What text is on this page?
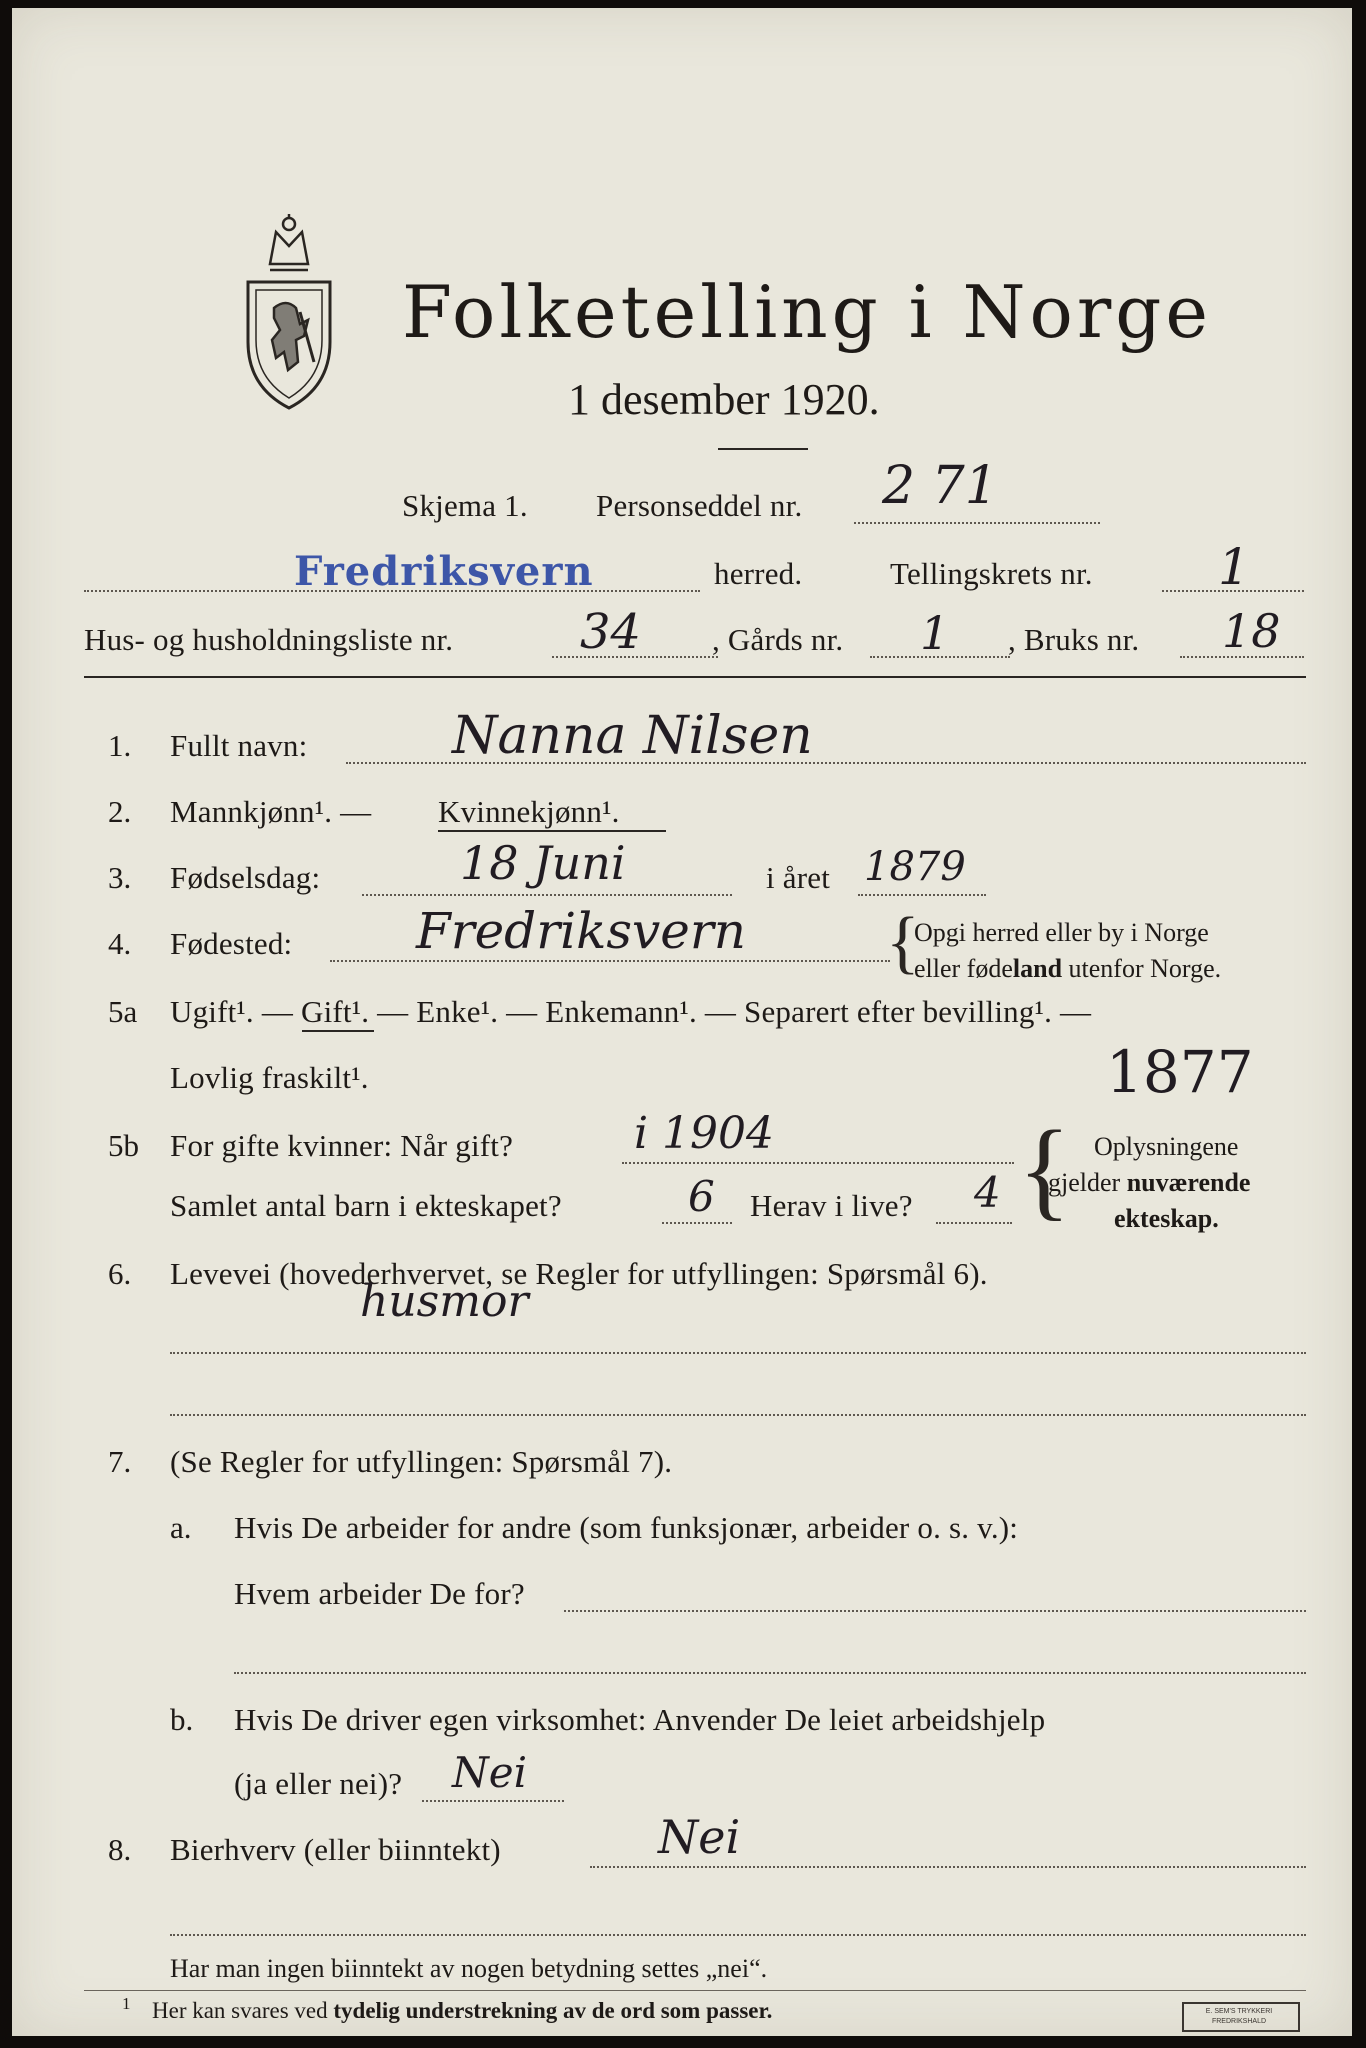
Folketelling i Norge
1 desember 1920.
Skjema 1. Personseddel nr. 2 71
Fredriksvern	herred.	Tellingskrets nr.	1
Hus- og husholdningsliste nr.	34 , Gårds nr. 1 , Bruks nr. 18
1. Fullt navn:	Nanna Nilsen
2. Mannkjønn¹. — Kvinnekjønn¹.
3. Fødselsdag:	18 Juni	i året 1879
4. Fødested: Fredriksvern {
Opgi herred eller by i Norge
eller fødeland utenfor Norge.
5a Ugift¹. — Gift¹. — Enke¹. — Enkemann¹. — Separert efter bevilling¹. —
Lovlig fraskilt¹.	1877
5b For gifte kvinner: Når gift?	i 1904
Samlet antal barn i ekteskapet?	6 Herav i live? 4 { Oplysningene
gjelder nuværende
ekteskap.
6. Levevei (hovederhvervet, se Regler for utfyllingen: Spørsmål 6).
husmor
7. (Se Regler for utfyllingen: Spørsmål 7).
a. Hvis De arbeider for andre (som funksjonær, arbeider o. s. v.):
Hvem arbeider De for?
b. Hvis De driver egen virksomhet: Anvender De leiet arbeidshjelp
(ja eller nei)? Nei
8. Bierhverv (eller biinntekt)	Nei
Har man ingen biinntekt av nogen betydning settes „nei“.
1 Her kan svares ved tydelig understrekning av de ord som passer.	E. SEM'S TRYKKERI FREDRIKSHALD
